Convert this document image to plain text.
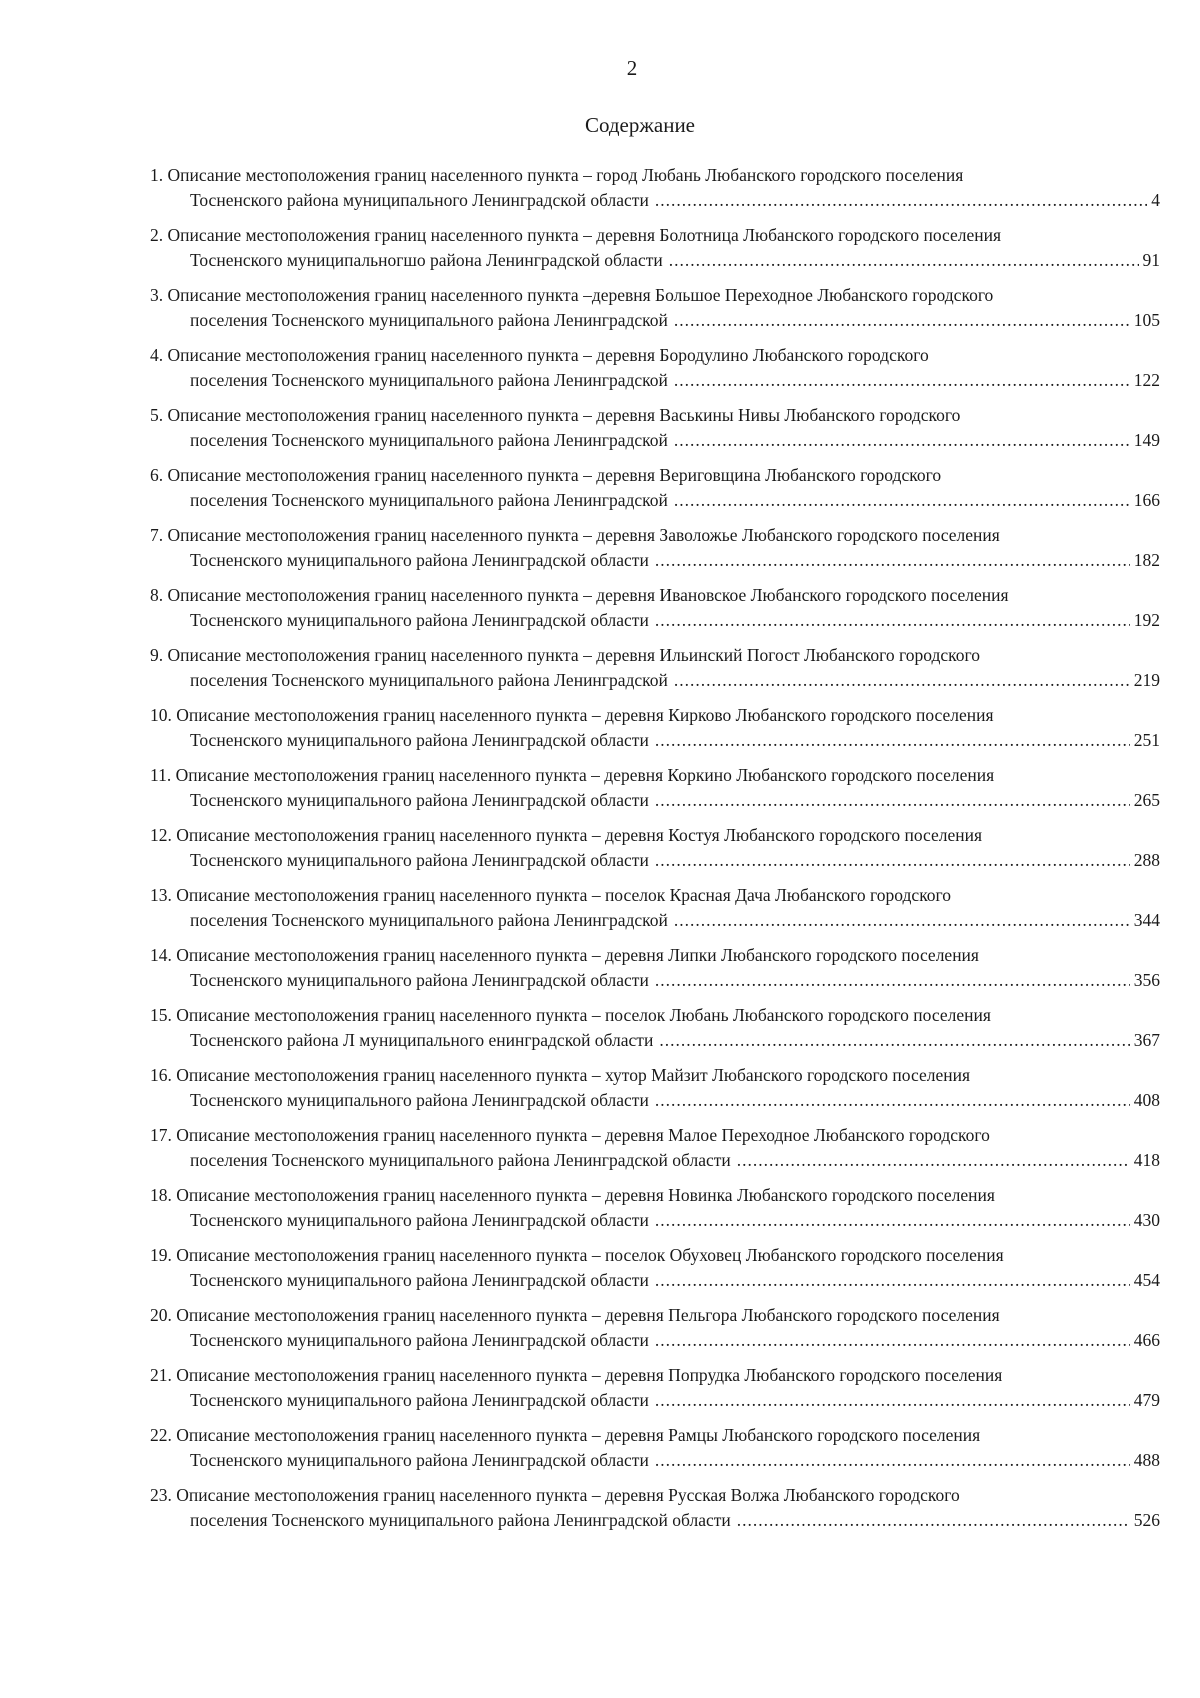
2
Содержание
1. Описание местоположения границ населенного пункта – город Любань Любанского городского поселения
Тосненского района муниципального Ленинградской области .....	4
2. Описание местоположения границ населенного пункта – деревня Болотница Любанского городского поселения
Тосненского муниципальногшо района Ленинградской области .....	91
3. Описание местоположения границ населенного пункта –деревня Большое Переходное Любанского городского
поселения Тосненского муниципального района Ленинградской .....	105
4. Описание местоположения границ населенного пункта – деревня Бородулино Любанского городского
поселения Тосненского муниципального района Ленинградской .....	122
5. Описание местоположения границ населенного пункта – деревня Васькины Нивы Любанского городского
поселения Тосненского муниципального района Ленинградской .....	149
6. Описание местоположения границ населенного пункта – деревня Вериговщина Любанского городского
поселения Тосненского муниципального района Ленинградской .....	166
7. Описание местоположения границ населенного пункта – деревня Заволожье Любанского городского поселения
Тосненского муниципального района Ленинградской области .....	182
8. Описание местоположения границ населенного пункта – деревня Ивановское Любанского городского поселения
Тосненского муниципального района Ленинградской области .....	192
9. Описание местоположения границ населенного пункта – деревня Ильинский Погост Любанского городского
поселения Тосненского муниципального района Ленинградской .....	219
10. Описание местоположения границ населенного пункта – деревня Кирково Любанского городского поселения
Тосненского муниципального района Ленинградской области .....	251
11. Описание местоположения границ населенного пункта – деревня Коркино Любанского городского поселения
Тосненского муниципального района Ленинградской области .....	265
12. Описание местоположения границ населенного пункта – деревня Костуя Любанского городского поселения
Тосненского муниципального района Ленинградской области .....	288
13. Описание местоположения границ населенного пункта – поселок Красная Дача Любанского городского
поселения Тосненского муниципального района Ленинградской .....	344
14. Описание местоположения границ населенного пункта – деревня Липки Любанского городского поселения
Тосненского муниципального района Ленинградской области .....	356
15. Описание местоположения границ населенного пункта – поселок Любань Любанского городского поселения
Тосненского района Л муниципального енинградской области .....	367
16. Описание местоположения границ населенного пункта – хутор Майзит Любанского городского поселения
Тосненского муниципального района Ленинградской области .....	408
17. Описание местоположения границ населенного пункта – деревня Малое Переходное Любанского городского
поселения Тосненского муниципального района Ленинградской области .....	418
18. Описание местоположения границ населенного пункта – деревня Новинка Любанского городского поселения
Тосненского муниципального района Ленинградской области .....	430
19. Описание местоположения границ населенного пункта – поселок Обуховец Любанского городского поселения
Тосненского муниципального района Ленинградской области .....	454
20. Описание местоположения границ населенного пункта – деревня Пельгора Любанского городского поселения
Тосненского муниципального района Ленинградской области .....	466
21. Описание местоположения границ населенного пункта – деревня Попрудка Любанского городского поселения
Тосненского муниципального района Ленинградской области .....	479
22. Описание местоположения границ населенного пункта – деревня Рамцы Любанского городского поселения
Тосненского муниципального района Ленинградской области .....	488
23. Описание местоположения границ населенного пункта – деревня Русская Волжа Любанского городского
поселения Тосненского муниципального района Ленинградской области .....	526
